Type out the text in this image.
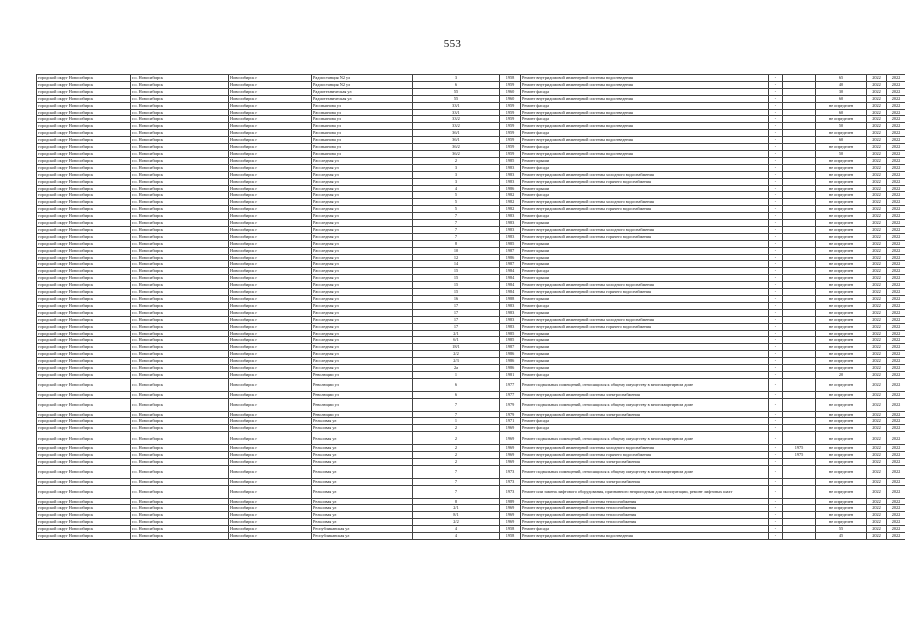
553
городской округ Новосибирск	г.о. Новосибирск	Новосибирск г	Радиостанция N2 ул	3	1958	Ремонт внутридомовой инженерной системы водоотведения	-		65	2022	2022
городской округ Новосибирск	г.о. Новосибирск	Новосибирск г	Радиостанция N2 ул	6	1959	Ремонт внутридомовой инженерной системы водоотведения	-		40	2022	2022
городской округ Новосибирск	г.о. Новосибирск	Новосибирск г	Радиотехническая ул	55	1960	Ремонт фасада	-		30	2022	2022
городской округ Новосибирск	г.о. Новосибирск	Новосибирск г	Радиотехническая ул	55	1960	Ремонт внутридомовой инженерной системы водоотведения	-		60	2022	2022
городской округ Новосибирск	г.о. Новосибирск	Новосибирск г	Рассвьинова ул	33/1	1959	Ремонт фасада	-		не определен	2022	2022
городской округ Новосибирск	г.о. Новосибирск	Новосибирск г	Рассвьинова ул	33/1	1959	Ремонт внутридомовой инженерной системы водоотведения	-		60	2022	2022
городской округ Новосибирск	г.о. Новосибирск	Новосибирск г	Рассвьинова ул	33/2	1959	Ремонт фасада	-		не определен	2022	2022
городской округ Новосибирск	г.о. Новосибирск	Новосибирск г	Рассвьинова ул	33/2	1959	Ремонт внутридомовой инженерной системы водоотведения	-		50	2022	2022
городской округ Новосибирск	г.о. Новосибирск	Новосибирск г	Рассвьинова ул	36/1	1959	Ремонт фасада	-		не определен	2022	2022
городской округ Новосибирск	г.о. Новосибирск	Новосибирск г	Рассвьинова ул	36/1	1959	Ремонт внутридомовой инженерной системы водоотведения	-		60	2022	2022
городской округ Новосибирск	г.о. Новосибирск	Новосибирск г	Рассвьинова ул	36/2	1959	Ремонт фасада	-		не определен	2022	2022
городской округ Новосибирск	г.о. Новосибирск	Новосибирск г	Рассвьинова ул	36/2	1959	Ремонт внутридомовой инженерной системы водоотведения	-		50	2022	2022
городской округ Новосибирск	г.о. Новосибирск	Новосибирск г	Расследная ул	2	1985	Ремонт крыши	-		не определен	2022	2022
городской округ Новосибирск	г.о. Новосибирск	Новосибирск г	Расследная ул	3	1983	Ремонт фасада	-		не определен	2022	2022
городской округ Новосибирск	г.о. Новосибирск	Новосибирск г	Расследная ул	3	1983	Ремонт внутридомовой инженерной системы холодного водоснабжения	-		не определен	2022	2022
городской округ Новосибирск	г.о. Новосибирск	Новосибирск г	Расследная ул	3	1983	Ремонт внутридомовой инженерной системы горячего водоснабжения	-		не определен	2022	2022
городской округ Новосибирск	г.о. Новосибирск	Новосибирск г	Расследная ул	4	1986	Ремонт крыши	-		не определен	2022	2022
городской округ Новосибирск	г.о. Новосибирск	Новосибирск г	Расследная ул	5	1982	Ремонт фасада	-		не определен	2022	2022
городской округ Новосибирск	г.о. Новосибирск	Новосибирск г	Расследная ул	5	1982	Ремонт внутридомовой инженерной системы холодного водоснабжения	-		не определен	2022	2022
городской округ Новосибирск	г.о. Новосибирск	Новосибирск г	Расследная ул	5	1982	Ремонт внутридомовой инженерной системы горячего водоснабжения	-		не определен	2022	2022
городской округ Новосибирск	г.о. Новосибирск	Новосибирск г	Расследная ул	7	1983	Ремонт фасада	-		не определен	2022	2022
городской округ Новосибирск	г.о. Новосибирск	Новосибирск г	Расследная ул	7	1983	Ремонт крыши	-		не определен	2022	2022
городской округ Новосибирск	г.о. Новосибирск	Новосибирск г	Расследная ул	7	1983	Ремонт внутридомовой инженерной системы холодного водоснабжения	-		не определен	2022	2022
городской округ Новосибирск	г.о. Новосибирск	Новосибирск г	Расследная ул	7	1983	Ремонт внутридомовой инженерной системы горячего водоснабжения	-		не определен	2022	2022
городской округ Новосибирск	г.о. Новосибирск	Новосибирск г	Расследная ул	8	1985	Ремонт крыши	-		не определен	2022	2022
городской округ Новосибирск	г.о. Новосибирск	Новосибирск г	Расследная ул	10	1987	Ремонт крыши	-		не определен	2022	2022
городской округ Новосибирск	г.о. Новосибирск	Новосибирск г	Расследная ул	12	1986	Ремонт крыши	-		не определен	2022	2022
городской округ Новосибирск	г.о. Новосибирск	Новосибирск г	Расследная ул	14	1987	Ремонт крыши	-		не определен	2022	2022
городской округ Новосибирск	г.о. Новосибирск	Новосибирск г	Расследная ул	15	1984	Ремонт фасада	-		не определен	2022	2022
городской округ Новосибирск	г.о. Новосибирск	Новосибирск г	Расследная ул	15	1984	Ремонт крыши	-		не определен	2022	2022
городской округ Новосибирск	г.о. Новосибирск	Новосибирск г	Расследная ул	15	1984	Ремонт внутридомовой инженерной системы холодного водоснабжения	-		не определен	2022	2022
городской округ Новосибирск	г.о. Новосибирск	Новосибирск г	Расследная ул	15	1984	Ремонт внутридомовой инженерной системы горячего водоснабжения	-		не определен	2022	2022
городской округ Новосибирск	г.о. Новосибирск	Новосибирск г	Расследная ул	16	1988	Ремонт крыши	-		не определен	2022	2022
городской округ Новосибирск	г.о. Новосибирск	Новосибирск г	Расследная ул	17	1983	Ремонт фасада	-		не определен	2022	2022
городской округ Новосибирск	г.о. Новосибирск	Новосибирск г	Расследная ул	17	1983	Ремонт крыши	-		не определен	2022	2022
городской округ Новосибирск	г.о. Новосибирск	Новосибирск г	Расследная ул	17	1983	Ремонт внутридомовой инженерной системы холодного водоснабжения	-		не определен	2022	2022
городской округ Новосибирск	г.о. Новосибирск	Новосибирск г	Расследная ул	17	1983	Ремонт внутридомовой инженерной системы горячего водоснабжения	-		не определен	2022	2022
городской округ Новосибирск	г.о. Новосибирск	Новосибирск г	Расследная ул	2/1	1985	Ремонт крыши	-		не определен	2022	2022
городской округ Новосибирск	г.о. Новосибирск	Новосибирск г	Расследная ул	6/1	1985	Ремонт крыши	-		не определен	2022	2022
городской округ Новосибирск	г.о. Новосибирск	Новосибирск г	Расследная ул	18/1	1987	Ремонт крыши	-		не определен	2022	2022
городской округ Новосибирск	г.о. Новосибирск	Новосибирск г	Расследная ул	2/2	1986	Ремонт крыши	-		не определен	2022	2022
городской округ Новосибирск	г.о. Новосибирск	Новосибирск г	Расследная ул	2/3	1986	Ремонт крыши	-		не определен	2022	2022
городской округ Новосибирск	г.о. Новосибирск	Новосибирск г	Расследная ул	2a	1986	Ремонт крыши	-		не определен	2022	2022
городской округ Новосибирск	г.о. Новосибирск	Новосибирск г	Революции ул	1	1981	Ремонт фасада	-		20	2022	2022
городской округ Новосибирск	г.о. Новосибирск	Новосибирск г	Революции ул	6	1977	Ремонт подвальных помещений, относящихся к общему имуществу в многоквартирном доме	-		не определен	2022	2022
городской округ Новосибирск	г.о. Новосибирск	Новосибирск г	Революции ул	6	1977	Ремонт внутридомовой инженерной системы электроснабжения	-		не определен	2022	2022
городской округ Новосибирск	г.о. Новосибирск	Новосибирск г	Революции ул	7	1979	Ремонт подвальных помещений, относящихся к общему имуществу в многоквартирном доме	-		не определен	2022	2022
городской округ Новосибирск	г.о. Новосибирск	Новосибирск г	Революции ул	7	1979	Ремонт внутридомовой инженерной системы электроснабжения	-		не определен	2022	2022
городской округ Новосибирск	г.о. Новосибирск	Новосибирск г	Рельсовая ул	1	1971	Ремонт фасада	-		не определен	2022	2022
городской округ Новосибирск	г.о. Новосибирск	Новосибирск г	Рельсовая ул	2	1969	Ремонт фасада	-		не определен	2022	2022
городской округ Новосибирск	г.о. Новосибирск	Новосибирск г	Рельсовая ул	2	1969	Ремонт подвальных помещений, относящихся к общему имуществу в многоквартирном доме	-		не определен	2022	2022
городской округ Новосибирск	г.о. Новосибирск	Новосибирск г	Рельсовая ул	2	1969	Ремонт внутридомовой инженерной системы холодного водоснабжения	-	1975	не определен	2022	2022
городской округ Новосибирск	г.о. Новосибирск	Новосибирск г	Рельсовая ул	2	1969	Ремонт внутридомовой инженерной системы горячего водоснабжения	-	1975	не определен	2022	2022
городской округ Новосибирск	г.о. Новосибирск	Новосибирск г	Рельсовая ул	2	1969	Ремонт внутридомовой инженерной системы электроснабжения	-		не определен	2022	2022
городской округ Новосибирск	г.о. Новосибирск	Новосибирск г	Рельсовая ул	7	1973	Ремонт подвальных помещений, относящихся к общему имуществу в многоквартирном доме	-		не определен	2022	2022
городской округ Новосибирск	г.о. Новосибирск	Новосибирск г	Рельсовая ул	7	1973	Ремонт внутридомовой инженерной системы электроснабжения	-		не определен	2022	2022
городской округ Новосибирск	г.о. Новосибирск	Новосибирск г	Рельсовая ул	7	1973	Ремонт или замена лифтового оборудования, признанного непригодным для эксплуатации, ремонт лифтовых шахт	-		не определен	2022	2022
городской округ Новосибирск	г.о. Новосибирск	Новосибирск г	Рельсовая ул	8	1989	Ремонт внутридомовой инженерной системы теплоснабжения	-		не определен	2022	2022
городской округ Новосибирск	г.о. Новосибирск	Новосибирск г	Рельсовая ул	2/1	1969	Ремонт внутридомовой инженерной системы теплоснабжения	-		не определен	2022	2022
городской округ Новосибирск	г.о. Новосибирск	Новосибирск г	Рельсовая ул	8/1	1969	Ремонт внутридомовой инженерной системы теплоснабжения	-		не определен	2022	2022
городской округ Новосибирск	г.о. Новосибирск	Новосибирск г	Рельсовая ул	2/2	1969	Ремонт внутридомовой инженерной системы теплоснабжения	-		не определен	2022	2022
городской округ Новосибирск	г.о. Новосибирск	Новосибирск г	Республиканская ул	4	1958	Ремонт фасада	-		55	2022	2022
городской округ Новосибирск	г.о. Новосибирск	Новосибирск г	Республиканская ул	4	1958	Ремонт внутридомовой инженерной системы водоотведения	-		45	2022	2022
